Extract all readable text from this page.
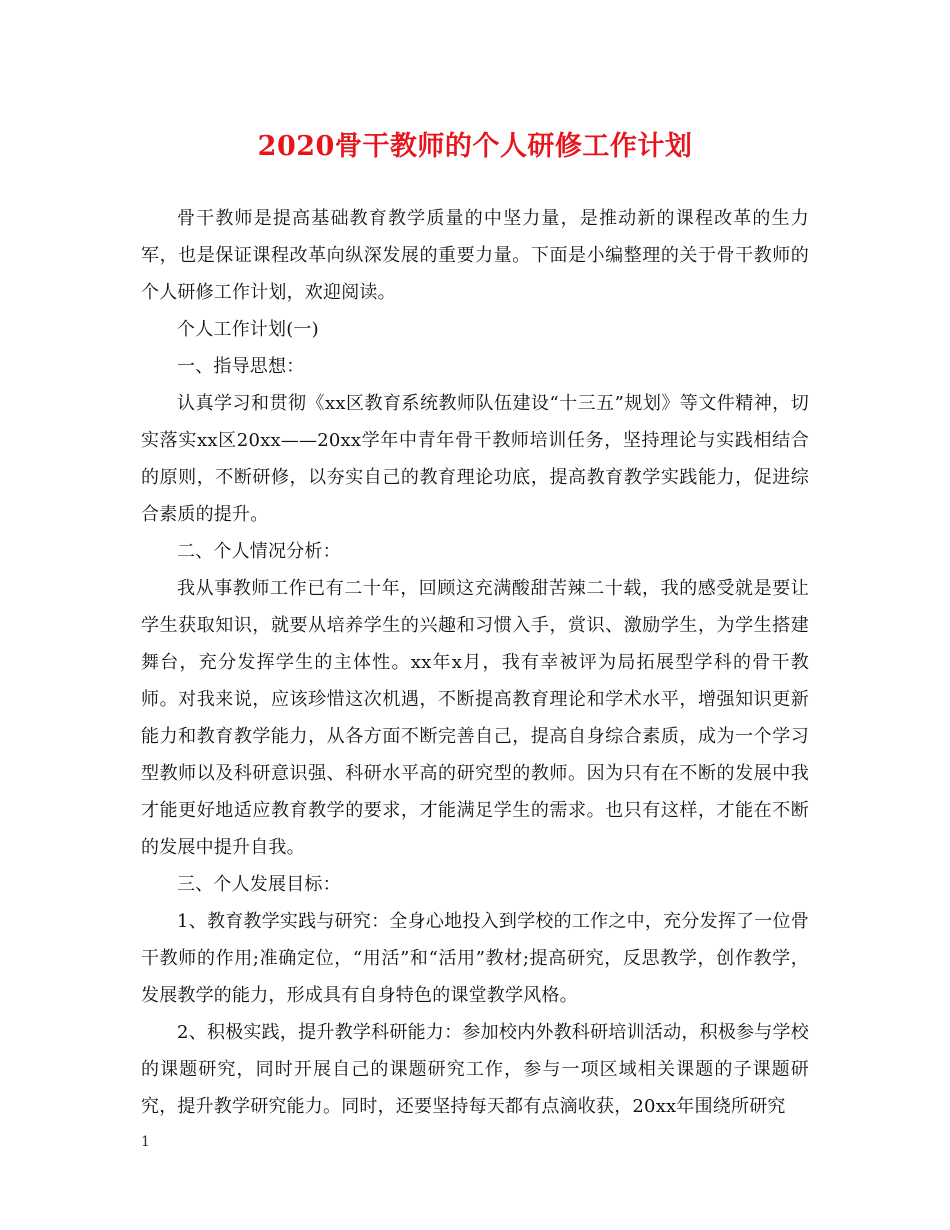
2020骨干教师的个人研修工作计划

骨干教师是提高基础教育教学质量的中坚力量，是推动新的课程改革的生力军，也是保证课程改革向纵深发展的重要力量。下面是小编整理的关于骨干教师的个人研修工作计划，欢迎阅读。

个人工作计划(一)

一、指导思想：

认真学习和贯彻《xx区教育系统教师队伍建设“十三五”规划》等文件精神，切实落实xx区20xx——20xx学年中青年骨干教师培训任务，坚持理论与实践相结合的原则，不断研修，以夯实自己的教育理论功底，提高教育教学实践能力，促进综合素质的提升。

二、个人情况分析：

我从事教师工作已有二十年，回顾这充满酸甜苦辣二十载，我的感受就是要让学生获取知识，就要从培养学生的兴趣和习惯入手，赏识、激励学生，为学生搭建舞台，充分发挥学生的主体性。xx年x月，我有幸被评为局拓展型学科的骨干教师。对我来说，应该珍惜这次机遇，不断提高教育理论和学术水平，增强知识更新能力和教育教学能力，从各方面不断完善自己，提高自身综合素质，成为一个学习型教师以及科研意识强、科研水平高的研究型的教师。因为只有在不断的发展中我才能更好地适应教育教学的要求，才能满足学生的需求。也只有这样，才能在不断的发展中提升自我。

三、个人发展目标：

1、教育教学实践与研究：全身心地投入到学校的工作之中，充分发挥了一位骨干教师的作用;准确定位，“用活”和“活用”教材;提高研究，反思教学，创作教学，发展教学的能力，形成具有自身特色的课堂教学风格。

2、积极实践，提升教学科研能力：参加校内外教科研培训活动，积极参与学校的课题研究，同时开展自己的课题研究工作，参与一项区域相关课题的子课题研究，提升教学研究能力。同时，还要坚持每天都有点滴收获，20xx年围绕所研究

1
